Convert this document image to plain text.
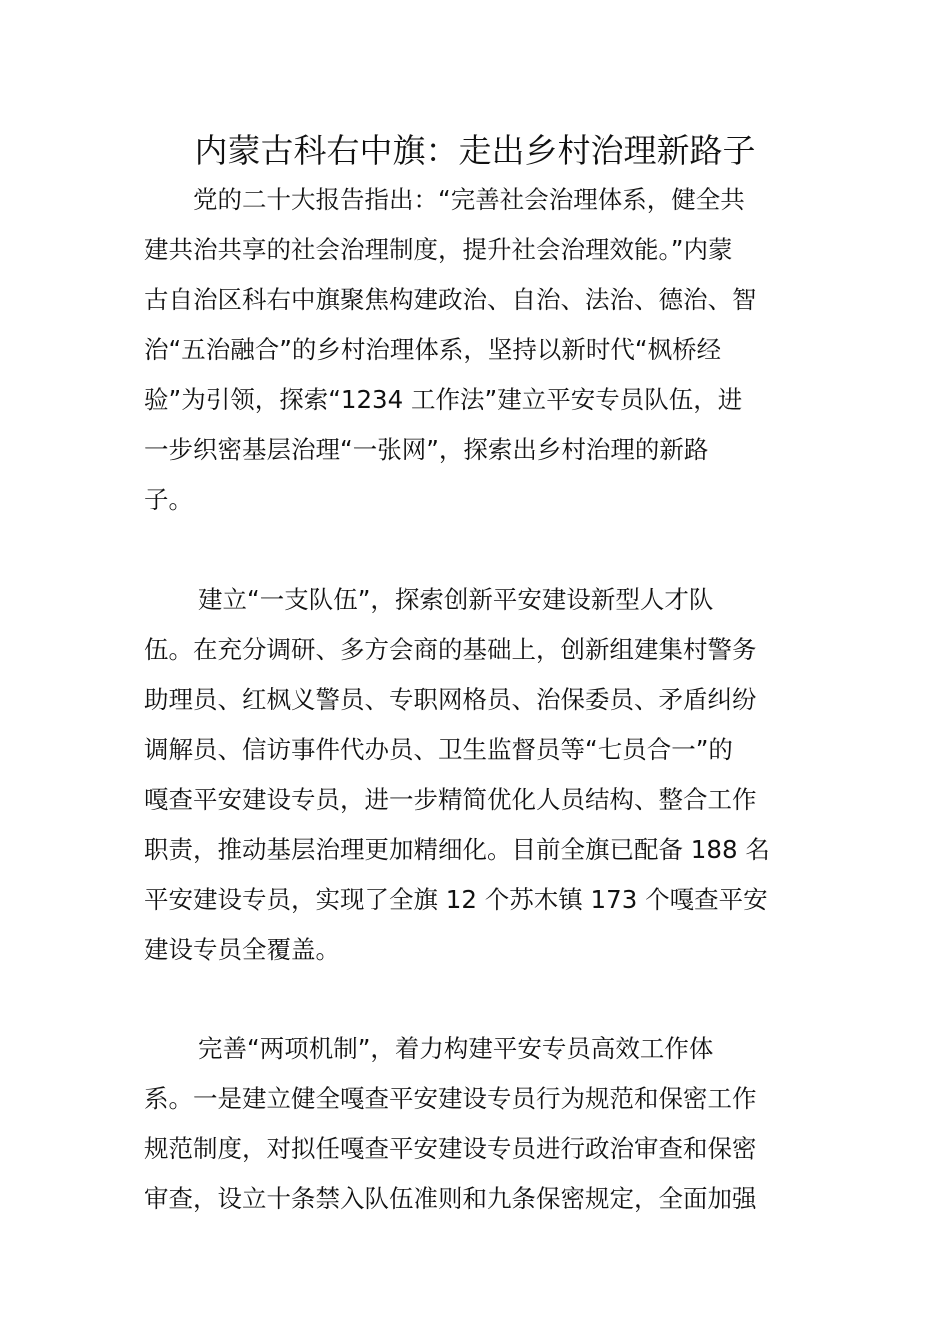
内蒙古科右中旗：走出乡村治理新路子
党的二十大报告指出：“完善社会治理体系，健全共
建共治共享的社会治理制度，提升社会治理效能。”内蒙
古自治区科右中旗聚焦构建政治、自治、法治、德治、智
治“五治融合”的乡村治理体系，坚持以新时代“枫桥经
验”为引领，探索“1234 工作法”建立平安专员队伍，进
一步织密基层治理“一张网”，探索出乡村治理的新路
子。
建立“一支队伍”，探索创新平安建设新型人才队
伍。在充分调研、多方会商的基础上，创新组建集村警务
助理员、红枫义警员、专职网格员、治保委员、矛盾纠纷
调解员、信访事件代办员、卫生监督员等“七员合一”的
嘎查平安建设专员，进一步精简优化人员结构、整合工作
职责，推动基层治理更加精细化。目前全旗已配备 188 名
平安建设专员，实现了全旗 12 个苏木镇 173 个嘎查平安
建设专员全覆盖。
完善“两项机制”，着力构建平安专员高效工作体
系。一是建立健全嘎查平安建设专员行为规范和保密工作
规范制度，对拟任嘎查平安建设专员进行政治审查和保密
审查，设立十条禁入队伍准则和九条保密规定，全面加强
